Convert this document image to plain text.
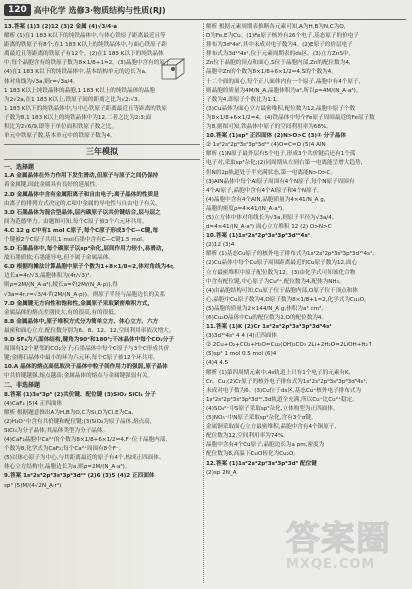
120 高中化学 选修3·物质结构与性质(RJ)
13.答案 (1)3 (2)12 (3)2 金属 (4)√3/4·a
解析 (1)在1 183 K以下的纯铁晶体中,与体心铁原子距离最近且等
距离的铁原子有8个;在1 183 K以上的纯铁晶体中,与面心铁原子距
离最近且等距离的铁原子有12个。(2)在1 183 K以下的纯铁晶体
中,每个晶胞含有的铁原子数为8×1/8+1=2。(3)晶胞中含有的原子
(4)在1 183 K以下的纯铁晶体中,基本结构单元的边长为a,
体对角线为√3a,则r=√3a/4。
1 183 K以上纯铁晶体的晶胞,1 183 K以上的纯铁晶体的晶胞
为2√2a,在1 183 K以上,铁原子间的距离之比为√2:√3。
1 183 K以下的纯铁晶体中,与中心铁原子距离最近且等距离的铁原
子数为8,1 183 K以上的纯铁晶体中为12,二者之比为2:3;面
积比为2√6/9,即等于单位面积铁原子数之比。
单元中铁原子数,基本单元中的铁原子数为4。
三年模拟
一、选择题
1.A 金属晶体在外力作用下发生滑动,但原子与原子之间仍保持
着金属键,因此金属具有良好的延展性。
2.D 金属晶体中含有金属阳离子和自由电子;离子晶体的性质是
由离子的排列方式决定的,C项中金属的导电性与自由电子有关。
3.D 石墨晶体为混合型晶体,层内碳原子以共价键结合,层与层之
间为范德华力。由题图可知,每个C原子被3个六元环共用。
4.C 12 g C中有1 mol C原子,每个C原子形成3个C—C键,每
个键被2个C原子共用,1 mol石墨中含有C—C键1.5 mol。
5.D 石墨晶体中,每个碳原子以sp²杂化,层间作用力较小,易滑动,
故石墨质软;石墨能导电,但不属于金属晶体。
6.D 根据均摊法计算晶胞中原子个数为1+8×1/8=2,体对角线为4r,
边长a=4r/√3,晶胞体积为(4r/√3)³。
则ρ=2M/(N_A·a³),棱长a=∛(2M/(N_A·ρ)),得
√3a=4r,r=√3/4·∛(2M/(N_A·ρ))。则原子半径与晶胞边长的关系
7.D 金属键无方向性和饱和性,金属原子采取紧密堆积方式,
金属晶体的熔点差别较大,有的很高,有的很低。
8.B 金属晶体中,原子堆积方式分为简单立方、体心立方、六方
最密和面心立方,配位数分别为6、8、12、12,空间利用率依次增大。
9.D SF₆为八面体结构,键角为90°和180°;干冰晶体中每个CO₂分子
周围有12个紧邻的CO₂分子;石墨晶体中每个C原子与3个C形成共价
键;金刚石晶体中最小的环为六元环,每个C原子被12个环共用。
10.A 晶体的熔点高低取决于晶体中粒子间作用力的强弱,原子晶体
中共价键越强,熔点越高;金属晶体的熔点与金属键强弱有关。
二、非选择题
8.答案 (1)3s²3p⁵ (2)共价键、配位键 (3)SiO₂ SiCl₄ 分子
(4)CaF₂ (5)4 正四面体
解析 根据题意推出A为H,B为O,C为Si,D为Cl,E为Ca,
(2)H₃O⁺中含有共价键和配位键;(3)SiO₂为原子晶体,熔点高,
SiCl₄为分子晶体,其晶体类型为分子晶体。
(4)CaF₂晶胞中Ca²⁺的个数为8×1/8+6×1/2=4,F⁻位于晶胞内部,
个数为8,化学式为CaF₂;每个Ca²⁺周围有8个F⁻。
(5)以体心原子为中心,与其距离最近的原子有4个,构成正四面体。
体心立方结构中,晶胞边长为a,则ρ=2M/(N_A·a³)。
9.答案 1s²2s²2p⁶3s²3p⁶3d¹⁰ (2)6 (3)5 (4)2 正四面体
sp³ (5)M/(4√2N_A·r³)
解析 根据元素周期表推断各元素可知,A为H,B为N,C为O,
D为Fe,E为Cu。(1)Fe原子核外有26个电子,基态原子的价电子
排布为3d⁶4s²,其中未成对电子数为4。(2)E原子的价层电子
排布式为3d¹⁰4s¹,位于元素周期表的ds区。(3)立方ZnS中,
Zn位于晶胞的顶点和面心,S位于晶胞内部,Zn的配位数为4,
晶胞中Zn的个数为8×1/8+6×1/2=4,S的个数为4。
十二个面的面心,每个正八面体内有一个原子,晶胞中有4个原子,
则晶胞的质量为4M/N_A,晶胞体积为a³,所以ρ=4M/(N_A·a³)。
子数为4,即原子个数比为1:1。
(3)Cu晶体为面心立方最密堆积,配位数为12,晶胞中原子个数
为8×1/8+6×1/2=4。(4)铁晶体中每个Fe原子周围最近的Fe原子数
为8,据图可知,铁晶体中原子的空间利用率为68%。
10.答案 (1)sp³ 正四面体 (2)N>O>C (3)① 分子晶体
② 1s²2s²2p⁶3s²3p⁶3d¹⁰ (4)O=C=O (5)4 AlN
解析 (1)N原子最外层有5个电子,形成3个共价键后还有1个孤
电子对,采取sp³杂化;(2)同周期从左到右第一电离能呈增大趋势,
但N的2p轨道处于半充满状态,第一电离能N>O>C。
(3)AlN晶体中每个Al原子周围有4个N原子,每个N原子周围有
4个Al原子,晶胞中含有4个Al原子和4个N原子。
(4)晶胞中含有4个AlN,晶胞质量为4×41/N_A g,
晶胞的密度ρ=4×41/(N_A·a³)。
(5)立方体中体对角线长为√3a,则原子半径为√3a/4。
d=4×41/(N_A·a³) 面心立方堆积 12 (2) O>N>C
10.答案 (1)1s²2s²2p⁶3s²3p⁶3d¹⁰4s¹
(2)12 (3)4
解析 (1)基态Cu原子的核外电子排布式为1s²2s²2p⁶3s²3p⁶3d¹⁰4s¹。
(2)Cu晶体中每个Cu原子周围距离最近的Cu原子数为12,面心
立方最密堆积中原子配位数为12。(3)由化学式可知该化合物
中含有配位键,中心原子为Cu²⁺,配位数为4,配体为NH₃。
(4)由晶胞结构可知,Cu原子位于晶胞内部,O原子位于顶点和体
心,晶胞中Cu原子数为4,O原子数为8×1/8+1=2,化学式为Cu₂O。
(5)晶胞的质量为2×144/N_A g,体积为a³ cm³。
(6)Cu₂O晶体中Cu的配位数为2,O的配位数为4。
11.答案 (1)K (2)Cr 1s²2s²2p⁶3s²3p⁶3d⁵4s¹
(3)3d¹⁰4s¹ 4 4 (4)正四面体
② 2Cu+O₂+CO₂+H₂O=Cu₂(OH)₂CO₃ 2Li+2H₂O=2LiOH+H₂↑
(5)sp² 1 mol 0.5 mol (6)4
(4)4 4.5
解析 (1)第四周期元素中,4s轨道上只有1个电子的元素有K、
Cr、Cu;(2)Cr原子的核外电子排布式为1s²2s²2p⁶3s²3p⁶3d⁵4s¹,
未成对电子数为6。(3)Cu位于ds区,基态Cu⁺核外电子排布式为
1s²2s²2p⁶3s²3p⁶3d¹⁰,3d轨道全充满,所以Cu⁺比Cu²⁺稳定。
(4)SO₄²⁻中S原子采取sp³杂化,立体构型为正四面体。
(5)NO₃⁻中N原子采取sp²杂化,含有3个σ键。
金属铜采取面心立方最密堆积,晶胞中含有4个铜原子,
配位数为12,空间利用率为74%。
晶胞中含有4个Cu原子,晶胞边长为a pm,密度为
配位数为8,高温下CuO转化为Cu₂O。
12.答案 (1)1s²2s²2p⁶3s²3p⁶3d⁵ 配位键
(2)sp 2N_A
答案圈
MXQE.COM
